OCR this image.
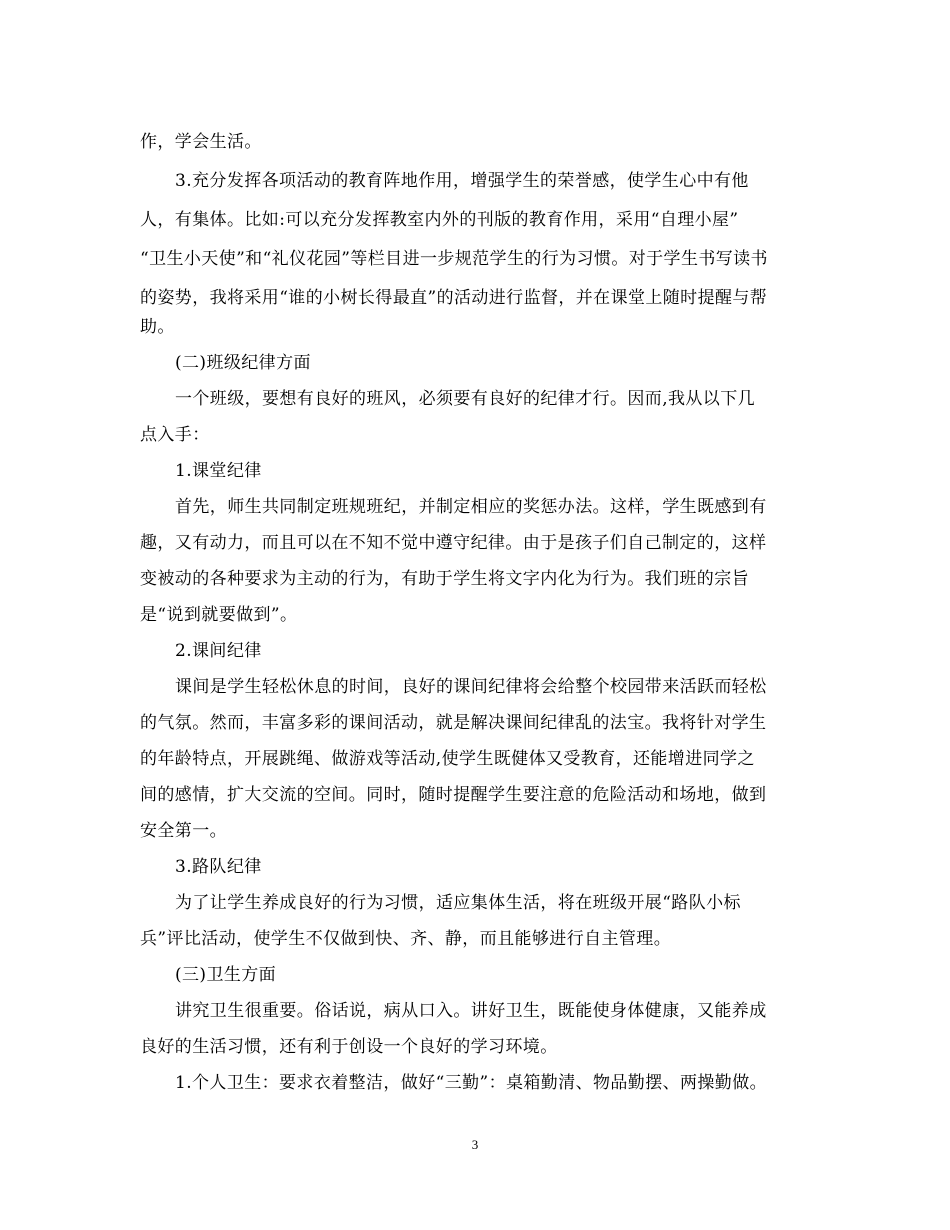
作，学会生活。
3.充分发挥各项活动的教育阵地作用，增强学生的荣誉感，使学生心中有他
人，有集体。比如:可以充分发挥教室内外的刊版的教育作用，采用“自理小屋”
“卫生小天使”和“礼仪花园”等栏目进一步规范学生的行为习惯。对于学生书写读书
的姿势，我将采用“谁的小树长得最直”的活动进行监督，并在课堂上随时提醒与帮
助。
(二)班级纪律方面
一个班级，要想有良好的班风，必须要有良好的纪律才行。因而,我从以下几
点入手：
1.课堂纪律
首先，师生共同制定班规班纪，并制定相应的奖惩办法。这样，学生既感到有
趣，又有动力，而且可以在不知不觉中遵守纪律。由于是孩子们自己制定的，这样
变被动的各种要求为主动的行为，有助于学生将文字内化为行为。我们班的宗旨
是“说到就要做到”。
2.课间纪律
课间是学生轻松休息的时间，良好的课间纪律将会给整个校园带来活跃而轻松
的气氛。然而，丰富多彩的课间活动，就是解决课间纪律乱的法宝。我将针对学生
的年龄特点，开展跳绳、做游戏等活动,使学生既健体又受教育，还能增进同学之
间的感情，扩大交流的空间。同时，随时提醒学生要注意的危险活动和场地，做到
安全第一。
3.路队纪律
为了让学生养成良好的行为习惯，适应集体生活，将在班级开展“路队小标
兵”评比活动，使学生不仅做到快、齐、静，而且能够进行自主管理。
(三)卫生方面
讲究卫生很重要。俗话说，病从口入。讲好卫生，既能使身体健康，又能养成
良好的生活习惯，还有利于创设一个良好的学习环境。
1.个人卫生：要求衣着整洁，做好“三勤”：桌箱勤清、物品勤摆、两操勤做。
3
